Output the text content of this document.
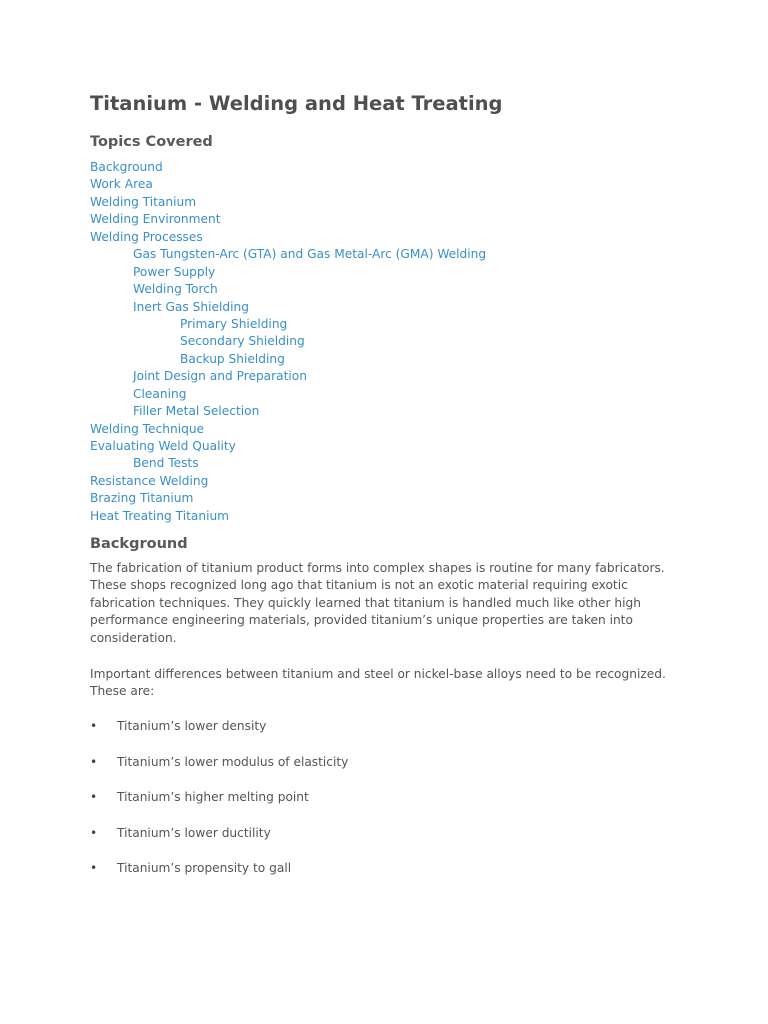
Titanium - Welding and Heat Treating
Topics Covered
Background
Work Area
Welding Titanium
Welding Environment
Welding Processes
Gas Tungsten-Arc (GTA) and Gas Metal-Arc (GMA) Welding
Power Supply
Welding Torch
Inert Gas Shielding
Primary Shielding
Secondary Shielding
Backup Shielding
Joint Design and Preparation
Cleaning
Filler Metal Selection
Welding Technique
Evaluating Weld Quality
Bend Tests
Resistance Welding
Brazing Titanium
Heat Treating Titanium
Background

The fabrication of titanium product forms into complex shapes is routine for many fabricators. These shops recognized long ago that titanium is not an exotic material requiring exotic fabrication techniques. They quickly learned that titanium is handled much like other high performance engineering materials, provided titanium’s unique properties are taken into consideration.

Important differences between titanium and steel or nickel-base alloys need to be recognized. These are:

• Titanium’s lower density
• Titanium’s lower modulus of elasticity
• Titanium’s higher melting point
• Titanium’s lower ductility
• Titanium’s propensity to gall
